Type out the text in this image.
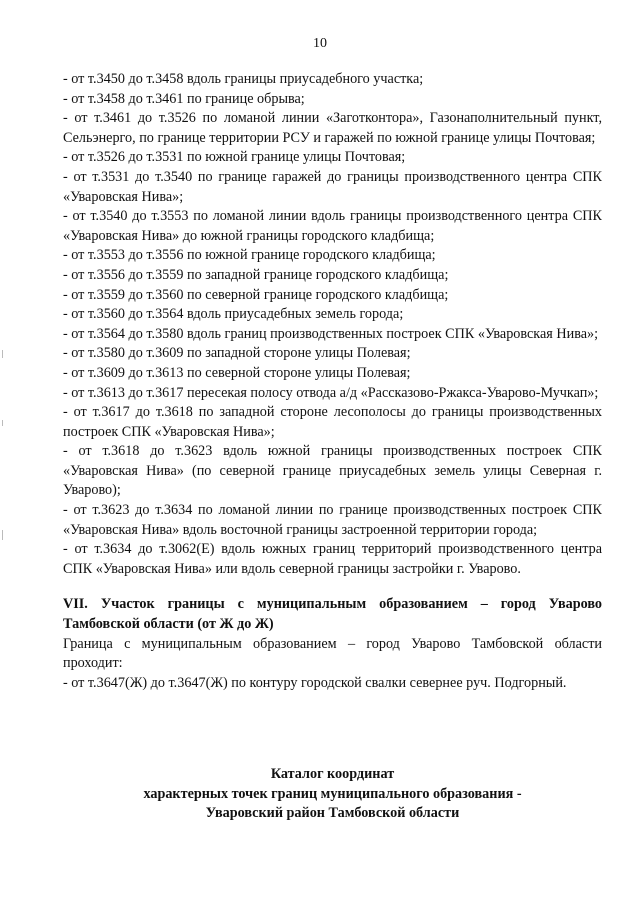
10

- от т.3450 до т.3458 вдоль границы приусадебного участка;

- от т.3458 до т.3461 по границе обрыва;

- от т.3461 до т.3526 по ломаной линии «Заготконтора», Газонаполнительный пункт, Сельэнерго, по границе территории РСУ и гаражей по южной границе улицы Почтовая;

- от т.3526 до т.3531 по южной границе улицы Почтовая;

- от т.3531 до т.3540 по границе гаражей до границы производственного центра СПК «Уваровская Нива»;

- от т.3540 до т.3553 по ломаной линии вдоль границы производственного центра СПК «Уваровская Нива» до южной границы городского кладбища;

- от т.3553 до т.3556 по южной границе городского кладбища;

- от т.3556 до т.3559 по западной границе городского кладбища;

- от т.3559 до т.3560 по северной границе городского кладбища;

- от т.3560 до т.3564 вдоль приусадебных земель города;

- от т.3564 до т.3580 вдоль границ производственных построек СПК «Уваровская Нива»;

- от т.3580 до т.3609 по западной стороне улицы Полевая;

- от т.3609 до т.3613 по северной стороне улицы Полевая;

- от т.3613 до т.3617 пересекая полосу отвода а/д «Рассказово-Ржакса-Уварово-Мучкап»;

- от т.3617 до т.3618 по западной стороне лесополосы до границы производственных построек СПК «Уваровская Нива»;

- от т.3618 до т.3623 вдоль южной границы производственных построек СПК «Уваровская Нива» (по северной границе приусадебных земель улицы Северная г. Уварово);

- от т.3623 до т.3634 по ломаной линии по границе производственных построек СПК «Уваровская Нива» вдоль восточной границы застроенной территории города;

- от т.3634 до т.3062(Е) вдоль южных границ территорий производственного центра СПК «Уваровская Нива» или вдоль северной границы застройки г. Уварово.

VII. Участок границы с муниципальным образованием – город Уварово Тамбовской области (от Ж до Ж)

Граница с муниципальным образованием – город Уварово Тамбовской области проходит:

- от т.3647(Ж) до т.3647(Ж) по контуру городской свалки севернее руч. Подгорный.

Каталог координат

характерных точек границ муниципального образования -

Уваровский район Тамбовской области
